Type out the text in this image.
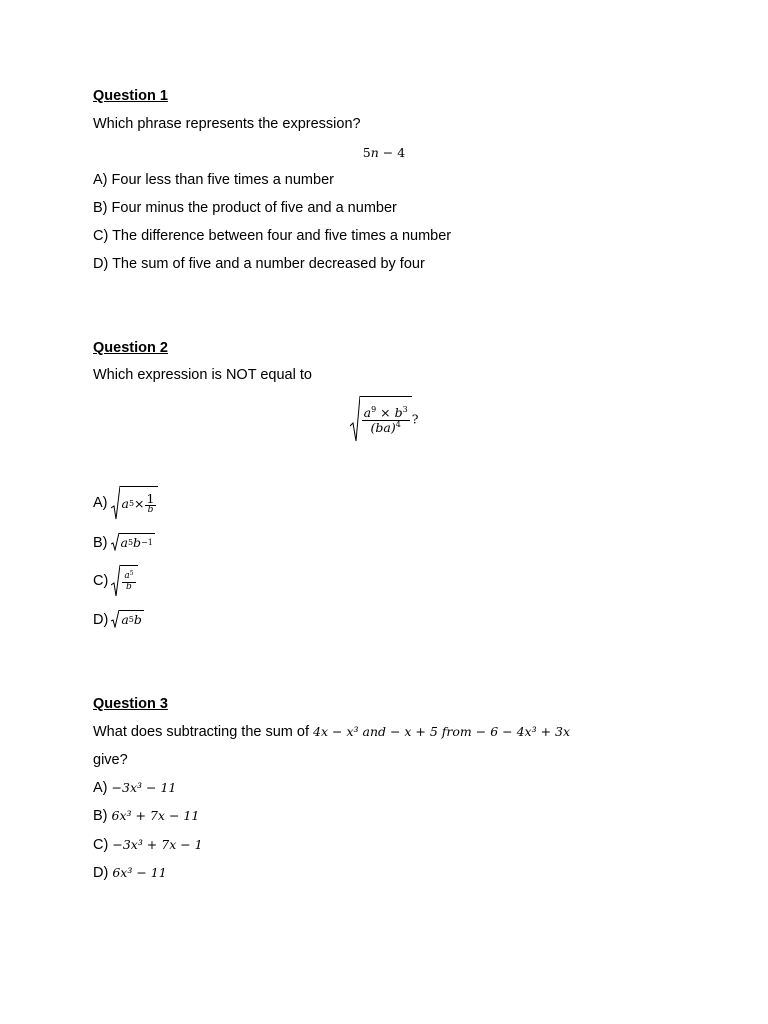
Question 1
Which phrase represents the expression?
5𝑛 − 4
A) Four less than five times a number
B) Four minus the product of five and a number
C) The difference between four and five times a number
D) The sum of five and a number decreased by four
Question 2
Which expression is NOT equal to
$\frac{𝑎^9 \times 𝑏^3}{(𝑏𝑎)^4}$ ?
A) 𝑎 $5 \times \frac{1}{\text{𝑏}}$
B) 𝑎 5 𝑏 −1
$C) \frac{𝑎^5}{\text{𝑏}}$
D) 𝑎 5 𝑏
Question 3
What does subtracting the sum of 4𝑥 − 𝑥³ 𝑎𝑛𝑑 − 𝑥 + 5 𝑓𝑟𝑜𝑚 − 6 − 4𝑥³ + 3𝑥
give?
A) −3𝑥³ − 11
B) 6𝑥³ + 7𝑥 − 11
C) −3𝑥³ + 7𝑥 − 1
D) 6𝑥³ − 11
